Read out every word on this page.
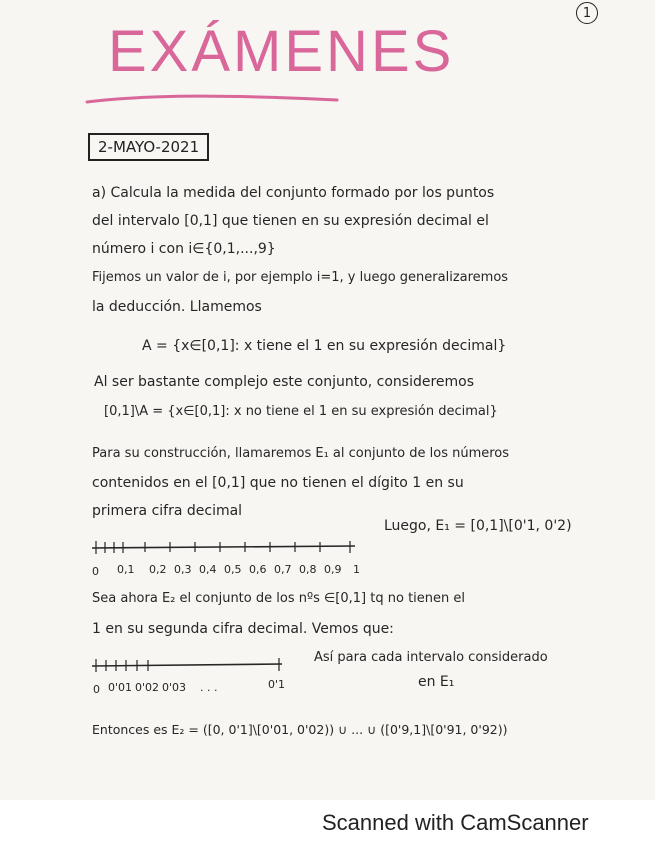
1
EXÁMENES
2-MAYO-2021
a) Calcula la medida del conjunto formado por los puntos
del intervalo [0,1] que tienen en su expresión decimal el
número i con i∈{0,1,...,9}
Fijemos un valor de i, por ejemplo i=1, y luego generalizaremos
la deducción. Llamemos
A = {x∈[0,1]: x tiene el 1 en su expresión decimal}
Al ser bastante complejo este conjunto, consideremos
[0,1]\A = {x∈[0,1]: x no tiene el 1 en su expresión decimal}
Para su construcción, llamaremos E₁ al conjunto de los números
contenidos en el [0,1] que no tienen el dígito 1 en su
primera cifra decimal
Luego, E₁ = [0,1]\[0'1, 0'2)
0 0,1 0,2 0,3 0,4 0,5 0,6 0,7 0,8 0,9 1
Sea ahora E₂ el conjunto de los nºs ∈[0,1] tq no tienen el
1 en su segunda cifra decimal. Vemos que:
0 0'01 0'02 0'03 . . .	0'1
Así para cada intervalo considerado
en E₁
Entonces es E₂ = ([0, 0'1]\[0'01, 0'02)) ∪ ... ∪ ([0'9,1]\[0'91, 0'92))
Scanned with CamScanner
